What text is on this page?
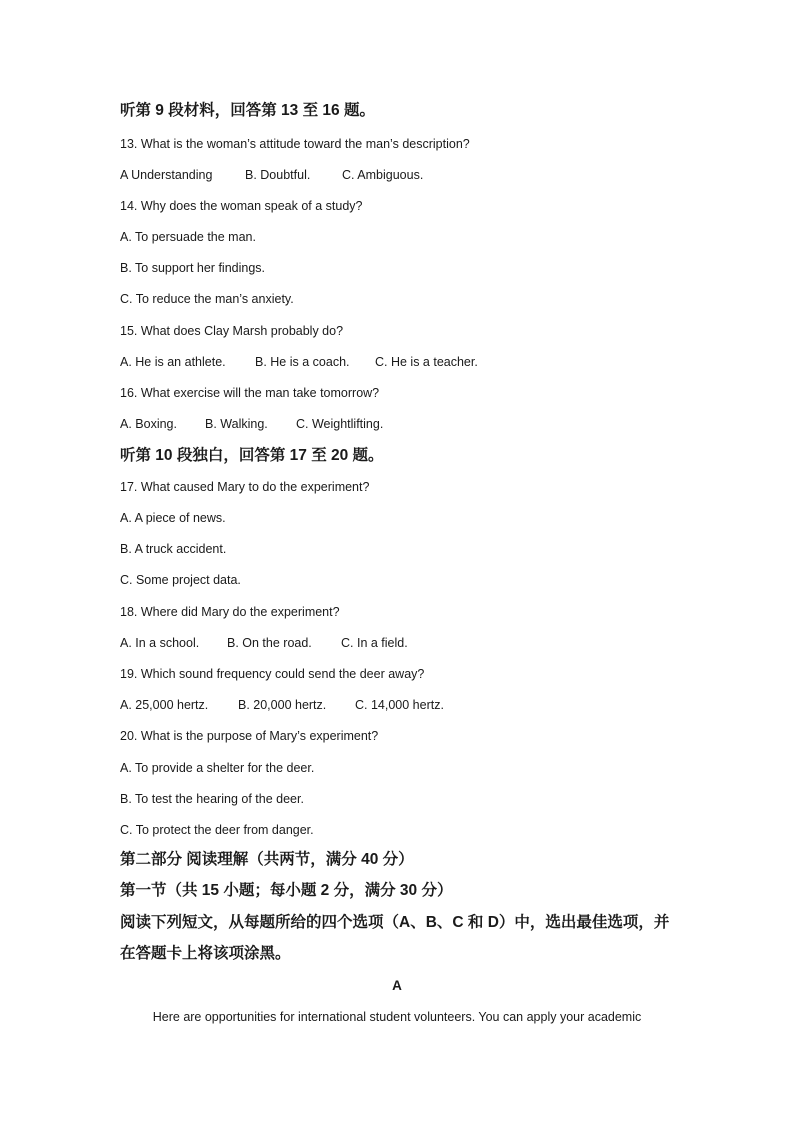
听第 9 段材料，回答第 13 至 16 题。
13. What is the woman’s attitude toward the man’s description?
A Understanding	B. Doubtful.	C. Ambiguous.
14. Why does the woman speak of a study?
A. To persuade the man.
B. To support her findings.
C. To reduce the man’s anxiety.
15. What does Clay Marsh probably do?
A. He is an athlete. B. He is a coach. C. He is a teacher.
16. What exercise will the man take tomorrow?
A. Boxing. B. Walking. C. Weightlifting.
听第 10 段独白，回答第 17 至 20 题。
17. What caused Mary to do the experiment?
A. A piece of news.
B. A truck accident.
C. Some project data.
18. Where did Mary do the experiment?
A. In a school. B. On the road. C. In a field.
19. Which sound frequency could send the deer away?
A. 25,000 hertz. B. 20,000 hertz. C. 14,000 hertz.
20. What is the purpose of Mary’s experiment?
A. To provide a shelter for the deer.
B. To test the hearing of the deer.
C. To protect the deer from danger.
第二部分 阅读理解（共两节，满分 40 分）
第一节（共 15 小题；每小题 2 分，满分 30 分）
阅读下列短文，从每题所给的四个选项（A、B、C 和 D）中，选出最佳选项，并
在答题卡上将该项涂黑。
A
Here are opportunities for international student volunteers. You can apply your academic
